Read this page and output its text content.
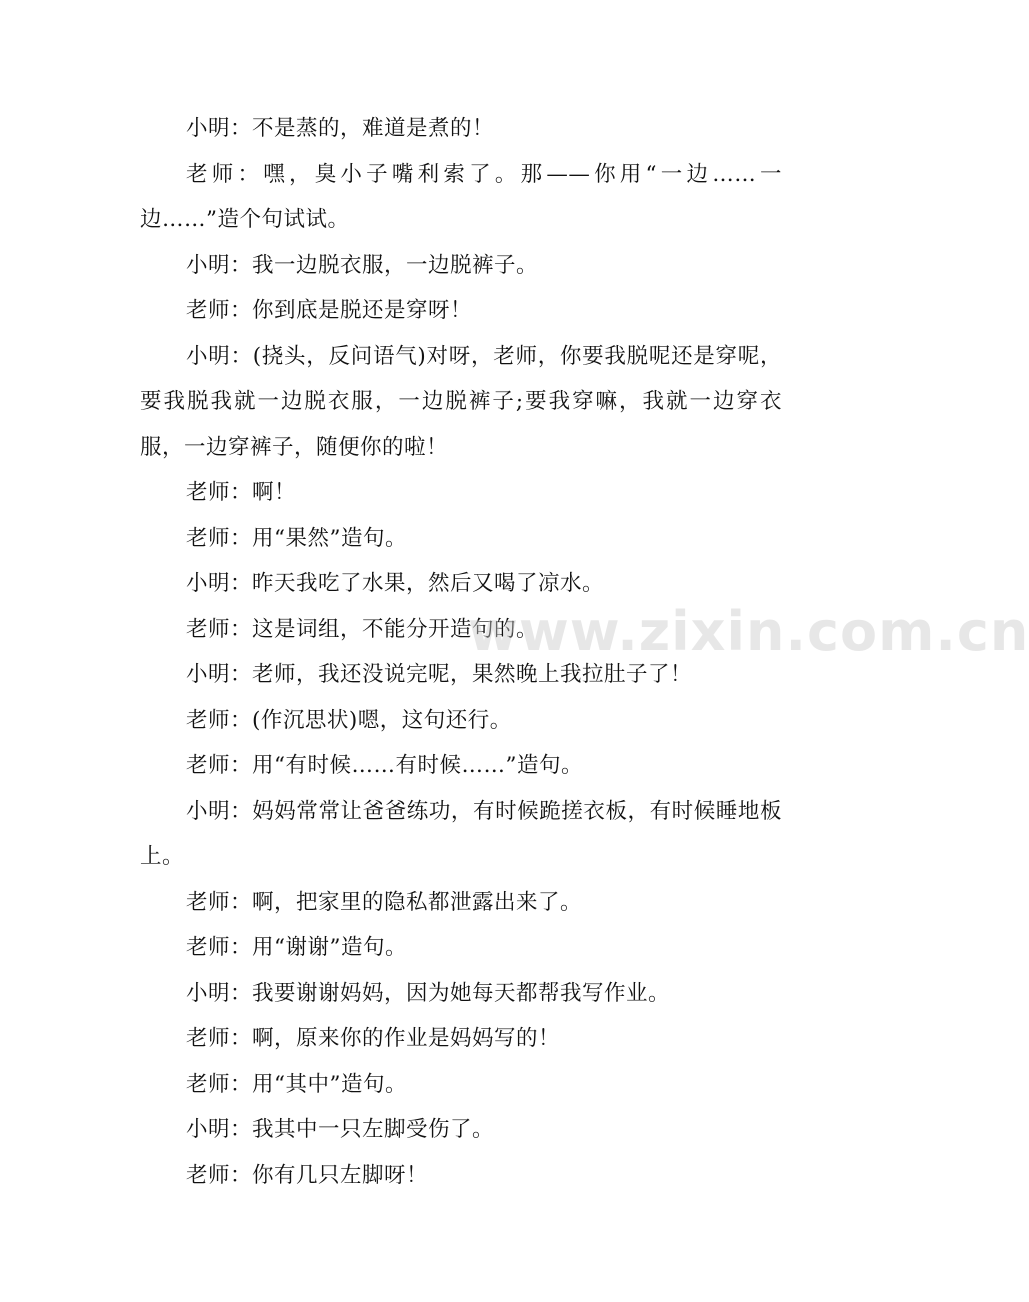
小明：不是蒸的，难道是煮的！

老师：嘿，臭小子嘴利索了。那——你用“一边……一边……”造个句试试。

小明：我一边脱衣服，一边脱裤子。

老师：你到底是脱还是穿呀！

小明：(挠头，反问语气)对呀，老师，你要我脱呢还是穿呢，要我脱我就一边脱衣服，一边脱裤子;要我穿嘛，我就一边穿衣服，一边穿裤子，随便你的啦！

老师：啊！

老师：用“果然”造句。

小明：昨天我吃了水果，然后又喝了凉水。

老师：这是词组，不能分开造句的。

小明：老师，我还没说完呢，果然晚上我拉肚子了！

老师：(作沉思状)嗯，这句还行。

老师：用“有时候……有时候……”造句。

小明：妈妈常常让爸爸练功，有时候跪搓衣板，有时候睡地板上。

老师：啊，把家里的隐私都泄露出来了。

老师：用“谢谢”造句。

小明：我要谢谢妈妈，因为她每天都帮我写作业。

老师：啊，原来你的作业是妈妈写的！

老师：用“其中”造句。

小明：我其中一只左脚受伤了。

老师：你有几只左脚呀！

www.zixin.com.cn
